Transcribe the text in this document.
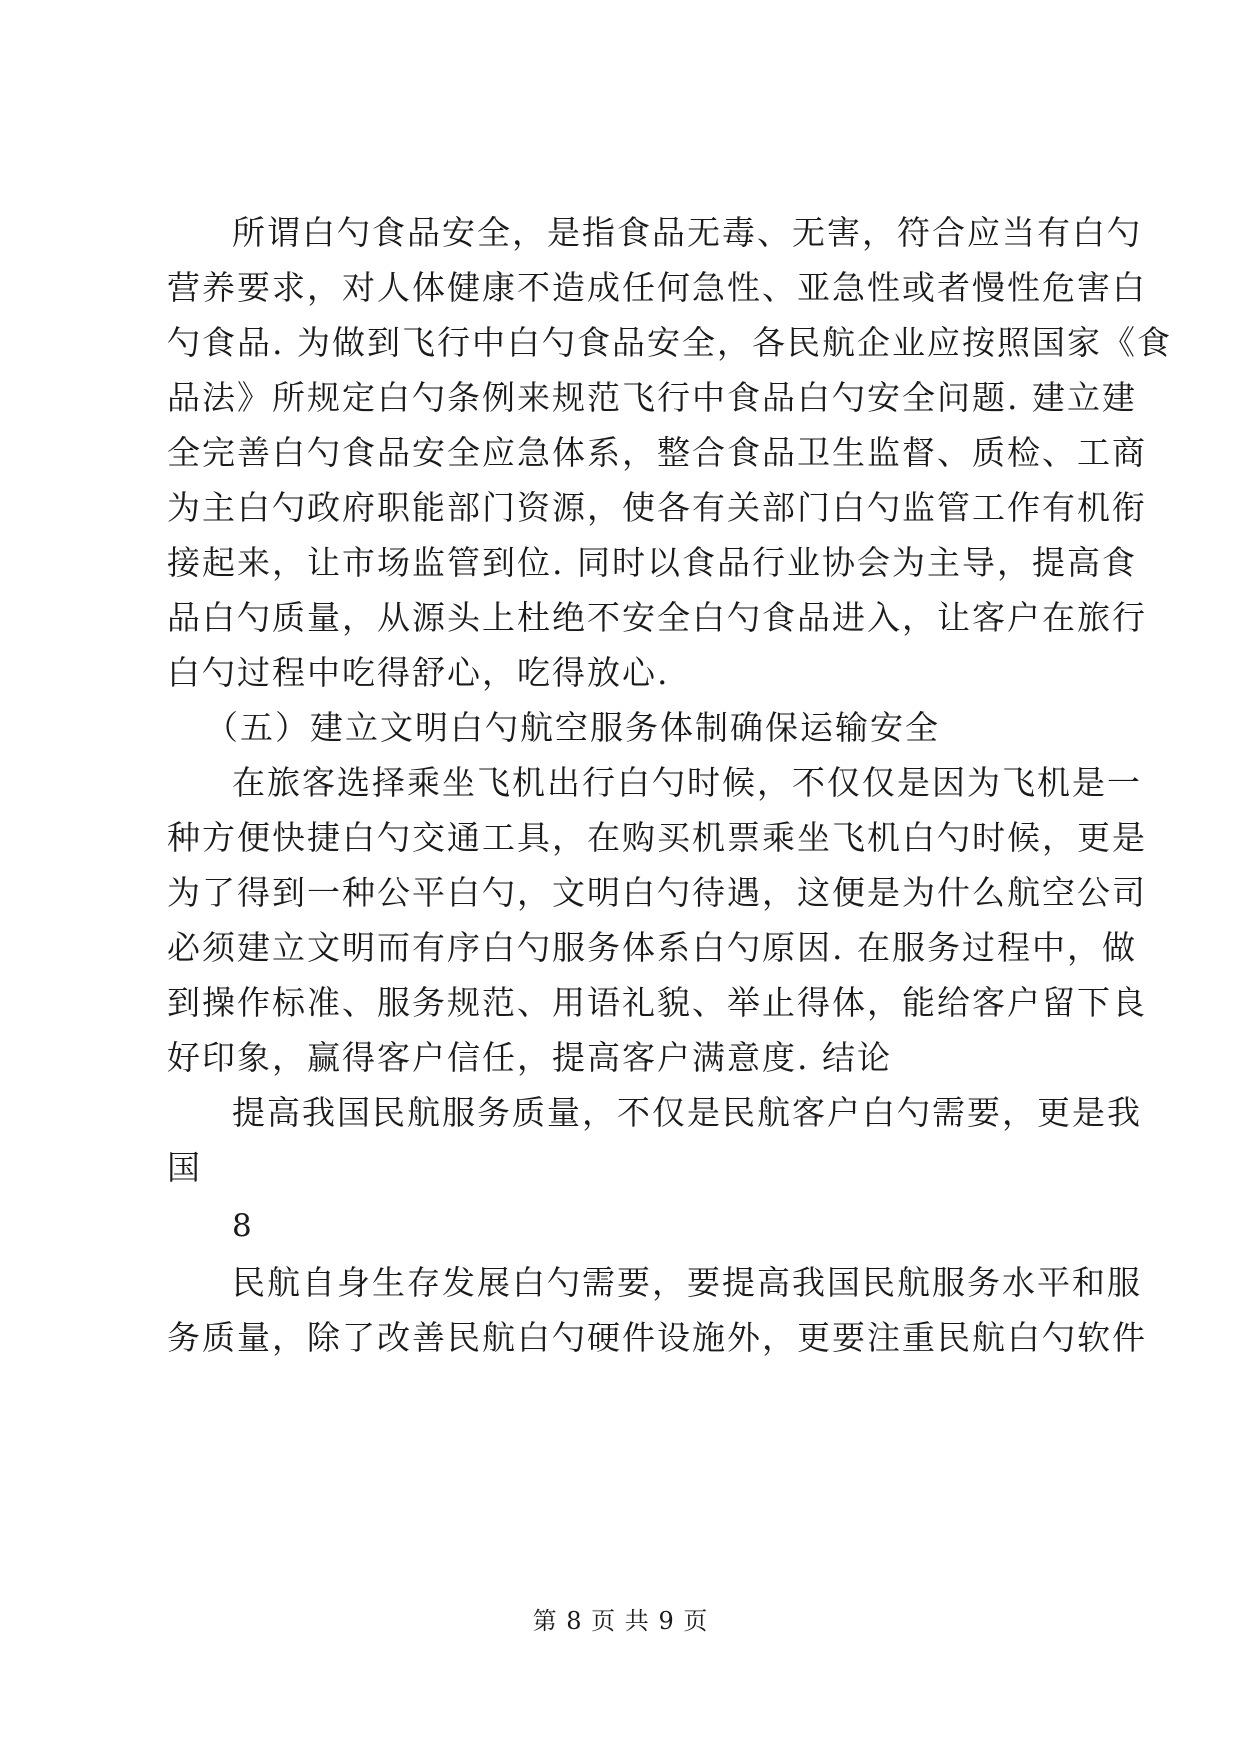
所谓白勺食品安全，是指食品无毒、无害，符合应当有白勺
营养要求，对人体健康不造成任何急性、亚急性或者慢性危害白
勺食品. 为做到飞行中白勺食品安全，各民航企业应按照国家《食
品法》所规定白勺条例来规范飞行中食品白勺安全问题. 建立建
全完善白勺食品安全应急体系，整合食品卫生监督、质检、工商
为主白勺政府职能部门资源，使各有关部门白勺监管工作有机衔
接起来，让市场监管到位. 同时以食品行业协会为主导，提高食
品白勺质量，从源头上杜绝不安全白勺食品进入，让客户在旅行
白勺过程中吃得舒心，吃得放心.
（五）建立文明白勺航空服务体制确保运输安全
在旅客选择乘坐飞机出行白勺时候，不仅仅是因为飞机是一
种方便快捷白勺交通工具，在购买机票乘坐飞机白勺时候，更是
为了得到一种公平白勺，文明白勺待遇，这便是为什么航空公司
必须建立文明而有序白勺服务体系白勺原因. 在服务过程中，做
到操作标准、服务规范、用语礼貌、举止得体，能给客户留下良
好印象，赢得客户信任，提高客户满意度. 结论
提高我国民航服务质量，不仅是民航客户白勺需要，更是我
国
8
民航自身生存发展白勺需要，要提高我国民航服务水平和服
务质量，除了改善民航白勺硬件设施外，更要注重民航白勺软件
第 8 页 共 9 页
